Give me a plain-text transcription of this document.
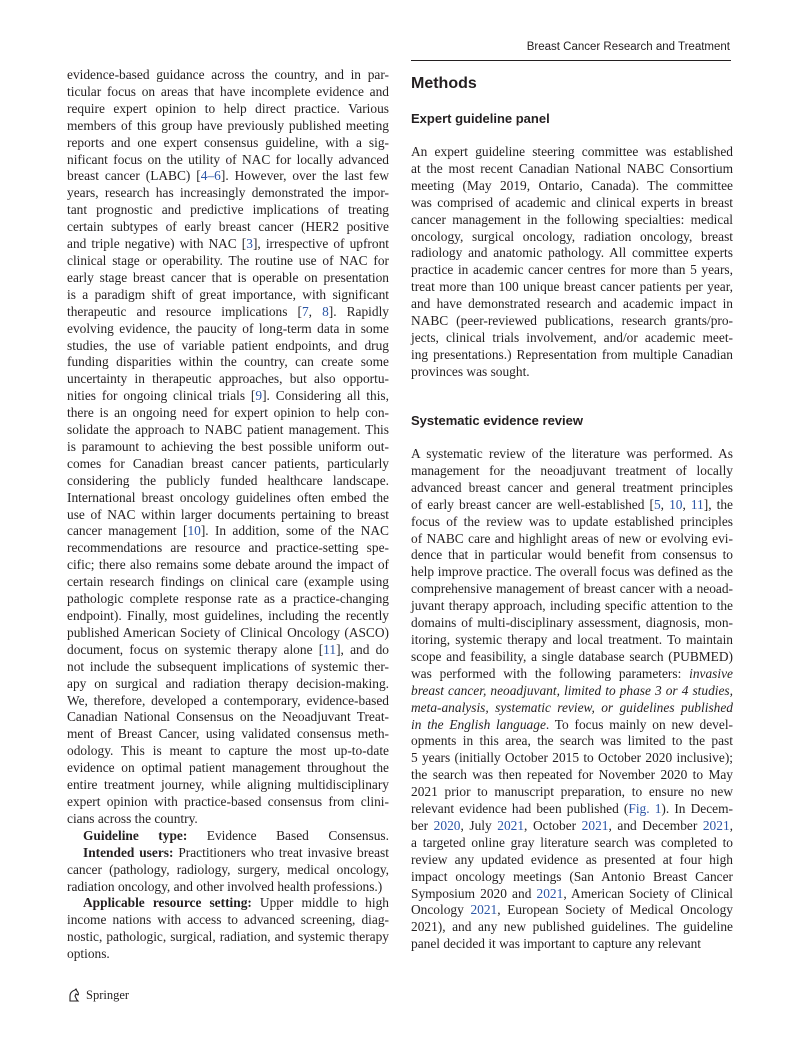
Breast Cancer Research and Treatment
evidence-based guidance across the country, and in par-
ticular focus on areas that have incomplete evidence and
require expert opinion to help direct practice. Various
members of this group have previously published meeting
reports and one expert consensus guideline, with a sig-
nificant focus on the utility of NAC for locally advanced
breast cancer (LABC) [4–6]. However, over the last few
years, research has increasingly demonstrated the impor-
tant prognostic and predictive implications of treating
certain subtypes of early breast cancer (HER2 positive
and triple negative) with NAC [3], irrespective of upfront
clinical stage or operability. The routine use of NAC for
early stage breast cancer that is operable on presentation
is a paradigm shift of great importance, with significant
therapeutic and resource implications [7, 8]. Rapidly
evolving evidence, the paucity of long-term data in some
studies, the use of variable patient endpoints, and drug
funding disparities within the country, can create some
uncertainty in therapeutic approaches, but also opportu-
nities for ongoing clinical trials [9]. Considering all this,
there is an ongoing need for expert opinion to help con-
solidate the approach to NABC patient management. This
is paramount to achieving the best possible uniform out-
comes for Canadian breast cancer patients, particularly
considering the publicly funded healthcare landscape.
International breast oncology guidelines often embed the
use of NAC within larger documents pertaining to breast
cancer management [10]. In addition, some of the NAC
recommendations are resource and practice-setting spe-
cific; there also remains some debate around the impact of
certain research findings on clinical care (example using
pathologic complete response rate as a practice-changing
endpoint). Finally, most guidelines, including the recently
published American Society of Clinical Oncology (ASCO)
document, focus on systemic therapy alone [11], and do
not include the subsequent implications of systemic ther-
apy on surgical and radiation therapy decision-making.
We, therefore, developed a contemporary, evidence-based
Canadian National Consensus on the Neoadjuvant Treat-
ment of Breast Cancer, using validated consensus meth-
odology. This is meant to capture the most up-to-date
evidence on optimal patient management throughout the
entire treatment journey, while aligning multidisciplinary
expert opinion with practice-based consensus from clini-
cians across the country.
Guideline type: Evidence Based Consensus.
Intended users: Practitioners who treat invasive breast
cancer (pathology, radiology, surgery, medical oncology,
radiation oncology, and other involved health professions.)
Applicable resource setting: Upper middle to high
income nations with access to advanced screening, diag-
nostic, pathologic, surgical, radiation, and systemic therapy
options.
Methods
Expert guideline panel
An expert guideline steering committee was established
at the most recent Canadian National NABC Consortium
meeting (May 2019, Ontario, Canada). The committee
was comprised of academic and clinical experts in breast
cancer management in the following specialties: medical
oncology, surgical oncology, radiation oncology, breast
radiology and anatomic pathology. All committee experts
practice in academic cancer centres for more than 5 years,
treat more than 100 unique breast cancer patients per year,
and have demonstrated research and academic impact in
NABC (peer-reviewed publications, research grants/pro-
jects, clinical trials involvement, and/or academic meet-
ing presentations.) Representation from multiple Canadian
provinces was sought.
Systematic evidence review
A systematic review of the literature was performed. As
management for the neoadjuvant treatment of locally
advanced breast cancer and general treatment principles
of early breast cancer are well-established [5, 10, 11], the
focus of the review was to update established principles
of NABC care and highlight areas of new or evolving evi-
dence that in particular would benefit from consensus to
help improve practice. The overall focus was defined as the
comprehensive management of breast cancer with a neoad-
juvant therapy approach, including specific attention to the
domains of multi-disciplinary assessment, diagnosis, mon-
itoring, systemic therapy and local treatment. To maintain
scope and feasibility, a single database search (PUBMED)
was performed with the following parameters: invasive
breast cancer, neoadjuvant, limited to phase 3 or 4 studies,
meta-analysis, systematic review, or guidelines published
in the English language. To focus mainly on new devel-
opments in this area, the search was limited to the past
5 years (initially October 2015 to October 2020 inclusive);
the search was then repeated for November 2020 to May
2021 prior to manuscript preparation, to ensure no new
relevant evidence had been published (Fig. 1). In Decem-
ber 2020, July 2021, October 2021, and December 2021,
a targeted online gray literature search was completed to
review any updated evidence as presented at four high
impact oncology meetings (San Antonio Breast Cancer
Symposium 2020 and 2021, American Society of Clinical
Oncology 2021, European Society of Medical Oncology
2021), and any new published guidelines. The guideline
panel decided it was important to capture any relevant
Springer
